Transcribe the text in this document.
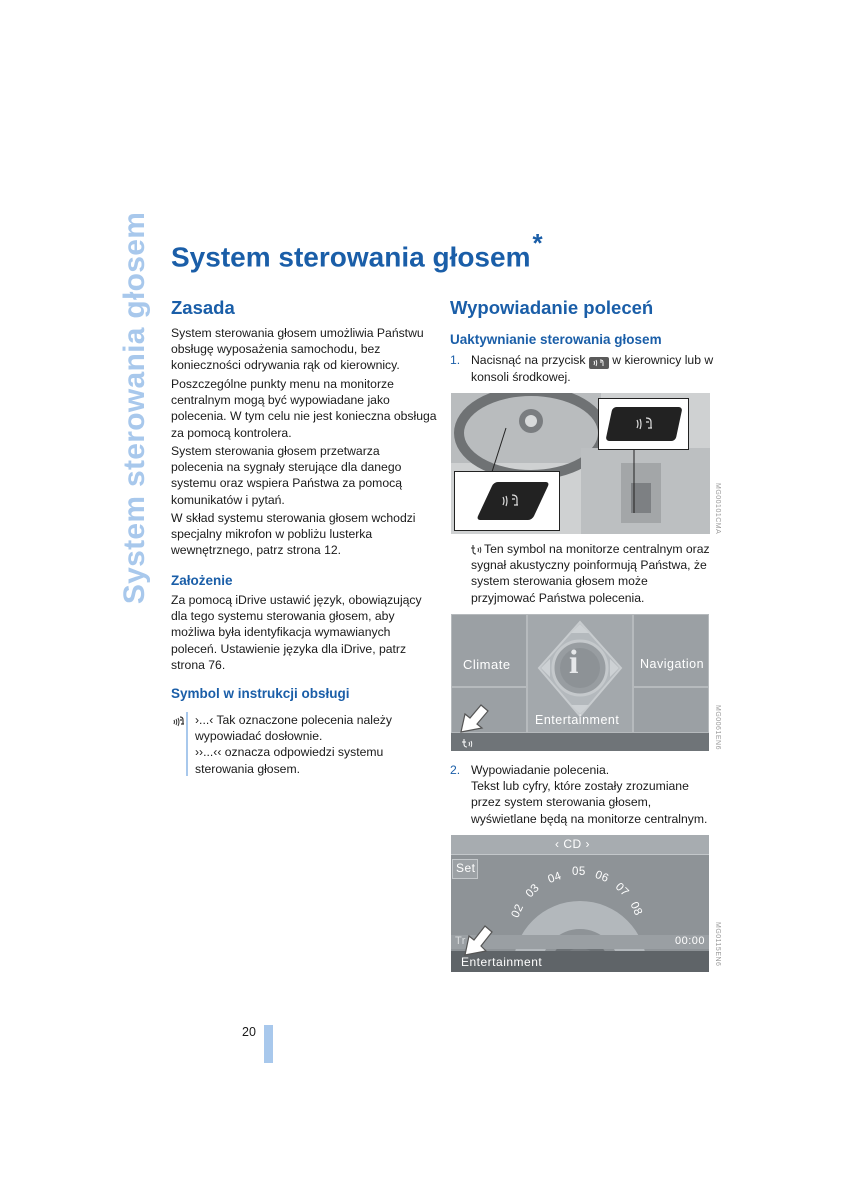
System sterowania głosem System sterowania głosem*
Zasada
System sterowania głosem umożliwia Państwu
obsługę wyposażenia samochodu, bez
konieczności odrywania rąk od kierownicy.
Poszczególne punkty menu na monitorze
centralnym mogą być wypowiadane jako
polecenia. W tym celu nie jest konieczna obsługa
za pomocą kontrolera.
System sterowania głosem przetwarza
polecenia na sygnały sterujące dla danego
systemu oraz wspiera Państwa za pomocą
komunikatów i pytań.
W skład systemu sterowania głosem wchodzi
specjalny mikrofon w pobliżu lusterka
wewnętrznego, patrz strona 12.
Założenie
Za pomocą iDrive ustawić język, obowiązujący
dla tego systemu sterowania głosem, aby
możliwa była identyfikacja wymawianych
poleceń. Ustawienie języka dla iDrive, patrz
strona 76.
Symbol w instrukcji obsługi
›...‹ Tak oznaczone polecenia należy
wypowiadać dosłownie.
››...‹‹ oznacza odpowiedzi systemu
sterowania głosem.
Wypowiadanie poleceń
Uaktywnianie sterowania głosem
1. Nacisnąć na przycisk w kierownicy lub w
konsoli środkowej.
MG00101CMA
Ten symbol na monitorze centralnym oraz
sygnał akustyczny poinformują Państwa, że
system sterowania głosem może
przyjmować Państwa polecenia.
i
Climate	Navigation
Entertainment	MG0061EN6
2. Wypowiadanie polecenia.
Tekst lub cyfry, które zostały zrozumiane
przez system sterowania głosem,
wyświetlane będą na monitorze centralnym.
‹ CD ›
Set
02
03
04 05 06
07
08
Tr	00:00
Entertainment	MG0115EN6
20
